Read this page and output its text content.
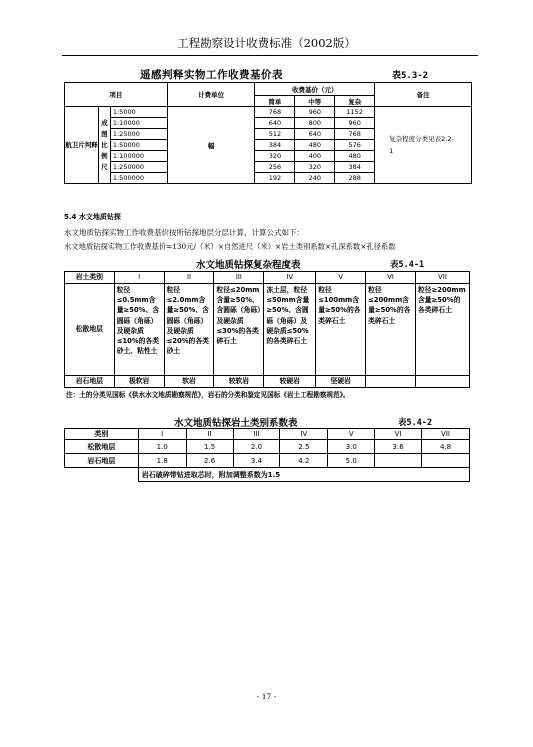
工程勘察设计收费标准（2002版）
遥感判释实物工作收费基价表	表5.3-2
项目			计费单位	收费基价（元）			备注
				简单	中等	复杂	
航卫片判释	成图比例尺	1:5000	幅	768	960	1152	复杂程度分类见表2.2-1
		1:10000		640	800	960	
		1:25000		512	640	768	
		1:50000		384	480	576	
		1:100000		320	400	480	
		1:250000		256	320	384	
		1:500000		192	240	288	
5.4 水文地质钻探
水文地质钻探实物工作收费基价按所钻探地层分层计算，计算公式如下：
水文地质钻探实物工作收费基价=130元/（米）×自然进尺（米）×岩土类别系数×孔深系数×孔径系数
水文地质钻探复杂程度表	表5.4-1
岩土类别	I	II	III	IV	V	VI	VII
松散地层	粒径≤0.5mm含量≥50%、含圆砾（角砾）及硬杂质≤10%的各类砂土、粘性土	粒径≤2.0mm含量≥50%、含圆砾（角砾）及硬杂质≤20%的各类砂土	粒径≤20mm含量≥50%、含圆砾（角砾）及硬杂质≤30%的各类碎石土	冻土层，粒径≤50mm含量≥50%、含圆砾（角砾）及硬杂质≤50%的各类碎石土	粒径≤100mm含量≥50%的各类碎石土	粒径≤200mm含量≥50%的各类碎石土	粒径≥200mm含量≥50%的各类碎石土
岩石地层	极软岩	软岩	较软岩	较硬岩	坚硬岩		
注：土的分类见国标《供水水文地质勘察规范》，岩石的分类和鉴定见国标《岩土工程勘察规范》。
水文地质钻探岩土类别系数表	表5.4-2
类别	I	II	III	IV	V	VI	VII
松散地层	1.0	1.5	2.0	2.5	3.0	3.6	4.8
岩石地层	1.8	2.6	3.4	4.2	5.0		
	岩石破碎带钻进取芯时，附加调整系数为1.5						
- 17 -
